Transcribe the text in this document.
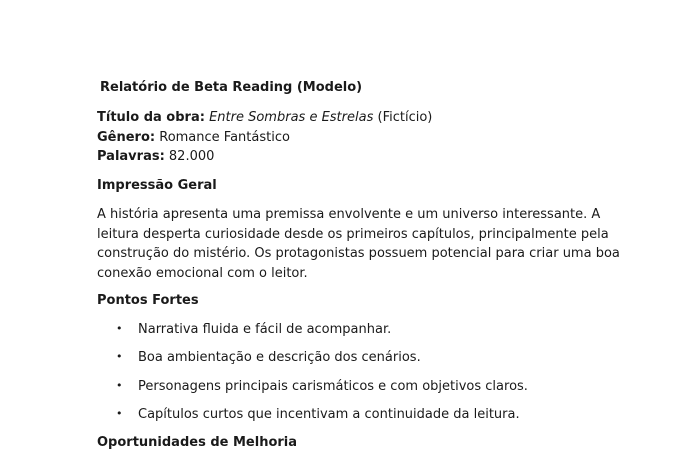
Relatório de Beta Reading (Modelo)
Título da obra: Entre Sombras e Estrelas (Fictício)
Gênero: Romance Fantástico
Palavras: 82.000
Impressão Geral
A história apresenta uma premissa envolvente e um universo interessante. A
leitura desperta curiosidade desde os primeiros capítulos, principalmente pela
construção do mistério. Os protagonistas possuem potencial para criar uma boa
conexão emocional com o leitor.
Pontos Fortes
• Narrativa fluida e fácil de acompanhar.
• Boa ambientação e descrição dos cenários.
• Personagens principais carismáticos e com objetivos claros.
• Capítulos curtos que incentivam a continuidade da leitura.
Oportunidades de Melhoria
